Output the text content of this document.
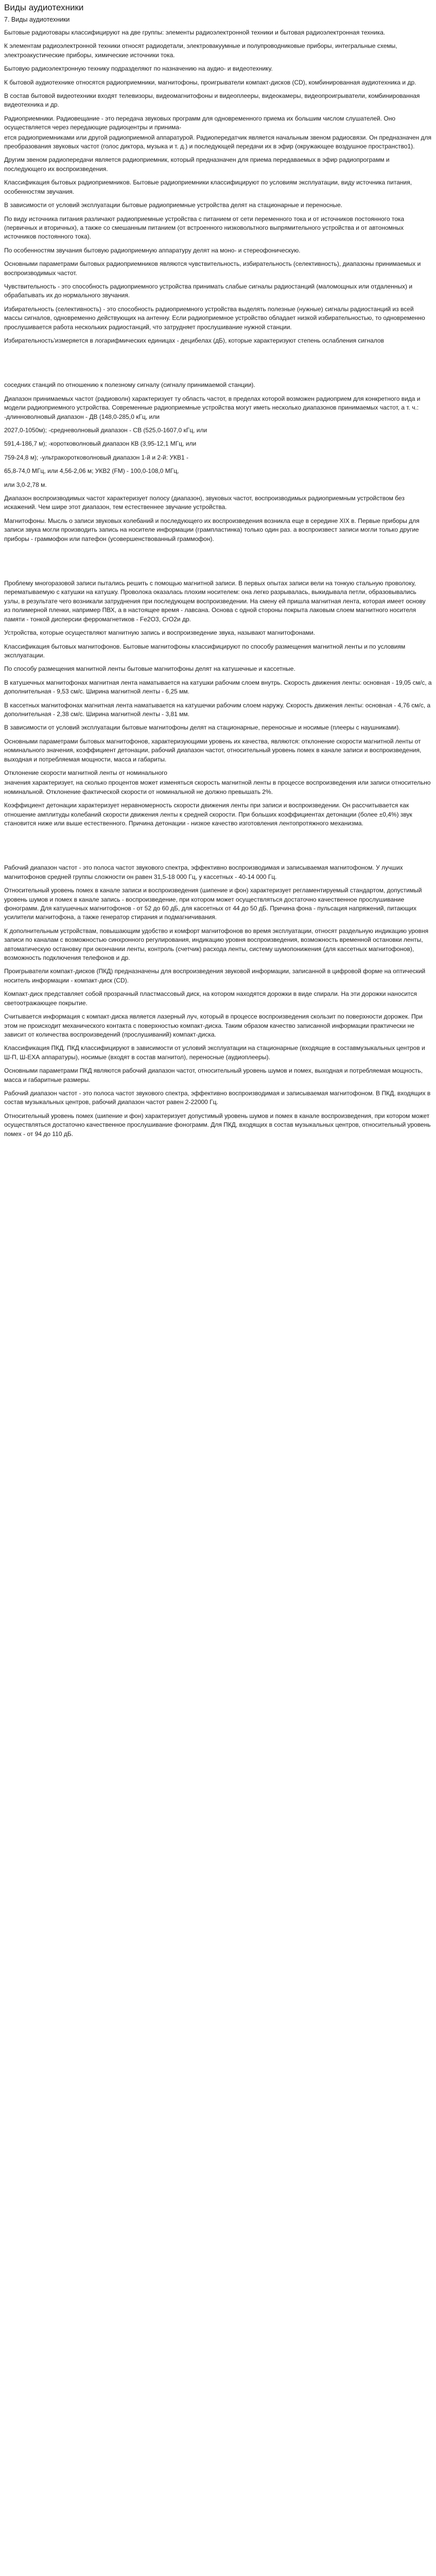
Виды аудиотехники

7. Виды аудиотехники

Бытовые радиотовары классифицируют на две группы: элементы радиоэлектронной техники и бытовая радиоэлектронная техника.

К элементам радиоэлектронной техники относят радиодетали, электровакуумные и полупроводниковые приборы, интегральные схемы, электроакустические приборы, химические источники тока.

Бытовую радиоэлектронную технику подразделяют по назначению на аудио- и видеотехнику.

К бытовой аудиотехнике относятся радиоприемники, магнитофоны, проигрыватели компакт-дисков (CD), комбинированная аудиотехника и др.

В состав бытовой видеотехники входят телевизоры, видеомагнитофоны и видеоплееры, видеокамеры, видеопроигрыватели, комбинированная видеотехника и др.

Радиоприемники. Радиовещание - это передача звуковых программ для одновременного приема их большим числом слушателей. Оно осуществляется через передающие радиоцентры и принима-

ется радиоприемниками или другой радиоприемной аппаратурой. Радиопередатчик является начальным звеном радиосвязи. Он предназначен для преобразования звуковых частот (голос диктора, музыка и т. д.) и последующей передачи их в эфир (окружающее воздушное пространство1).

Другим звеном радиопередачи является радиоприемник, который предназначен для приема передаваемых в эфир радиопрограмм и последующего их воспроизведения.

Классификация бытовых радиоприемников. Бытовые радиоприемники классифицируют по условиям эксплуатации, виду источника питания, особенностям звучания.

В зависимости от условий эксплуатации бытовые радиоприемные устройства делят на стационарные и переносные.

По виду источника питания различают радиоприемные устройства с питанием от сети переменного тока и от источников постоянного тока (первичных и вторичных), а также со смешанным питанием (от встроенного низковольтного выпрямительного устройства и от автономных источников постоянного тока).

По особенностям звучания бытовую радиоприемную аппаратуру делят на моно- и стереофоническую.

Основными параметрами бытовых радиоприемников являются чувствительность, избирательность (селективность), диапазоны принимаемых и воспроизводимых частот.

Чувствительность - это способность радиоприемного устройства принимать слабые сигналы радиостанций (маломощных или отдаленных) и обрабатывать их до нормального звучания.

Избирательность (селективность) - это способность радиоприемного устройства выделять полезные (нужные) сигналы радиостанций из всей массы сигналов, одновременно действующих на антенну. Если радиоприемное устройство обладает низкой избирательностью, то одновременно прослушивается работа нескольких радиостанций, что затрудняет прослушивание нужной станции.

Избирательность'измеряется в логарифмических единицах - децибелах (дБ), которые характеризуют степень ослабления сигналов

соседних станций по отношению к полезному сигналу (сигналу принимаемой станции).

Диапазон принимаемых частот (радиоволн) характеризует ту область частот, в пределах которой возможен радиоприем для конкретного вида и модели радиоприемного устройства. Современные радиоприемные устройства могут иметь несколько диапазонов принимаемых частот, а т. ч.: -длинноволновый диапазон - ДВ (148,0-285,0 кГц, или

2027,0-1050м); -средневолновый диапазон - СВ (525,0-1607,0 кГц, или

591,4-186,7 м); -коротковолновый диапазон КВ (3,95-12,1 МГц, или

759-24,8 м); -ультракоротковолновый диапазон 1-й и 2-й: УКВ1 -

65,8-74,0 МГц, или 4,56-2,06 м; УКВ2 (FM) - 100,0-108,0 МГц,

или 3,0-2,78 м.

Диапазон воспроизводимых частот характеризует полосу (диапазон), звуковых частот, воспроизводимых радиоприемным устройством без искажений. Чем шире этот диапазон, тем естественнее звучание устройства.

Магнитофоны. Мысль о записи звуковых колебаний и последующего их воспроизведения возникла еще в середине XIX в. Первые приборы для записи звука могли производить запись на носителе информации (грампластинка) только один раз. а воспроизвест записи могли только другие приборы - граммофон или патефон (усовершенствованный граммофон).

Проблему многоразовой записи пытались решить с помощью магнитной записи. В первых опытах записи вели на тонкую стальную проволоку, перематываемую с катушки на катушку. Проволока оказалась плохим носителем: она легко разрывалась, выкидывала петли, образовывались узлы, в результате чего возникали затруднения при последующем воспроизведении. На смену ей пришла магнитная лента, которая имеет основу из полимерной пленки, например ПВХ, а в настоящее время - лавсана. Основа с одной стороны покрыта лаковым слоем магнитного носителя памяти - тонкой дисперсии ферромагнетиков - Fe2O3, CrO2и др.

Устройства, которые осуществляют магнитную запись и воспроизведение звука, называют магнитофонами.

Классификация бытовых магнитофонов. Бытовые магнитофоны классифицируют по способу размещения магнитной ленты и по условиям эксплуатации.

По способу размещения магнитной ленты бытовые магнитофоны делят на катушечные и кассетные.

В катушечных магнитофонах магнитная лента наматывается на катушки рабочим слоем внутрь. Скорость движения ленты: основная - 19,05 см/с, а дополнительная - 9,53 см/с. Ширина магнитной ленты - 6,25 мм.

В кассетных магнитофонах магнитная лента наматывается на катушечки рабочим слоем наружу. Скорость движения ленты: основная - 4,76 см/с, а дополнительная - 2,38 см/с. Ширина магнитной ленты - 3,81 мм.

В зависимости от условий эксплуатации бытовые магнитофоны делят на стационарные, переносные и носимые (плееры с наушниками).

Основными параметрами бытовых магнитофонов, характеризующими уровень их качества, являются: отклонение скорости магнитной ленты от номинального значения, коэффициент детонации, рабочий диапазон частот, относительный уровень помех в канале записи и воспроизведения, выходная и потребляемая мощности, масса и габариты.

Отклонение скорости магнитной ленты от номинального

значения характеризует, на сколько процентов может изменяться скорость магнитной ленты в процессе воспроизведения или записи относительно номинальной. Отклонение фактической скорости от номинальной не должно превышать 2%.

Коэффициент детонации характеризует неравномерность скорости движения ленты при записи и воспроизведении. Он рассчитывается как отношение амплитуды колебаний скорости движения ленты к средней скорости. При больших коэффициентах детонации (более ±0,4%) звук становится ниже или выше естественного. Причина детонации - низкое качество изготовления лентопротяжного механизма.

Рабочий диапазон частот - это полоса частот звукового спектра, эффективно воспроизводимая и записываемая магнитофоном. У лучших магнитофонов средней группы сложности он равен 31,5-18 000 Гц, у кассетных - 40-14 000 Гц.

Относительный уровень помех в канале записи и воспроизведения (шипение и фон) характеризует регламентируемый стандартом, допустимый уровень шумов и помех в канале запись - воспроизведение, при котором может осуществляться достаточно качественное прослушивание фонограмм. Для катушечных магнитофонов - от 52 до 60 дБ, для кассетных от 44 до 50 дБ. Причина фона - пульсация напряжений, питающих усилители магнитофона, а также генератор стирания и подмагничивания.

К дополнительным устройствам, повышающим удобство и комфорт магнитофонов во время эксплуатации, относят раздельную индикацию уровня записи по каналам с возможностью синхронного регулирования, индикацию уровня воспроизведения, возможность временной остановки ленты, автоматическую остановку при окончании ленты, контроль (счетчик) расхода ленты, систему шумопонижения (для кассетных магнитофонов), возможность подключения телефонов и др.

Проигрыватели компакт-дисков (ПКД) предназначены для воспроизведения звуковой информации, записанной в цифровой форме на оптический носитель информации - компакт-диск (CD).

Компакт-диск представляет собой прозрачный пластмассовый диск, на котором находятся дорожки в виде спирали. На эти дорожки наносится светоотражающее покрытие.

Считывается информация с компакт-диска является лазерный луч, который в процессе воспроизведения скользит по поверхности дорожек. При этом не происходит механического контакта с поверхностью компакт-диска. Таким образом качество записанной информации практически не зависит от количества воспроизведений (прослушиваний) компакт-диска.

Классификация ПКД. ПКД классифицируют в зависимости от условий эксплуатации на стационарные (входящие в составмузыкальных центров и Ш-П, Ш-ЕХА аппаратуры), носимые (входят в состав магнитол), переносные (аудиоплееры).

Основными параметрами ПКД являются рабочий диапазон частот, относительный уровень шумов и помех, выходная и потребляемая мощность, масса и габаритные размеры.

Рабочий диапазон частот - это полоса частот звукового спектра, эффективно воспроизводимая и записываемая магнитофоном. В ПКД, входящих в состав музыкальных центров, рабочий диапазон частот равен 2-22000 Гц.

Относительный уровень помех (шипение и фон) характеризует допустимый уровень шумов и помех в канале воспроизведения, при котором может осуществляться достаточно качественное прослушивание фонограмм. Для ПКД, входящих в состав музыкальных центров, относительный уровень помех - от 94 до 110 дБ.
